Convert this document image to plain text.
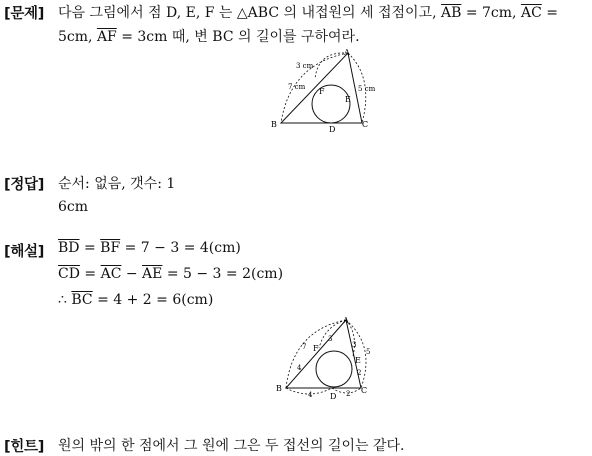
[문제] 다음 그림에서 점 D, E, F 는 △ABC 의 내접원의 세 접점이고, $\overline{AB} = 7cm$, $\overline{AC}$ =
5cm, $\overline{AF} = 3cm$ 때, 변 BC 의 길이를 구하여라.
A
B	C
D
E
F
3 cm
7 cm	5 cm
[정답] 순서: 없음, 갯수: 1
6cm
[해설] $\overline{BD} = \overline{BF} = 7 - 3 = 4(cm)$
$\overline{CD} = \overline{AC} - \overline{AE} = 5 - 3 = 2(cm)$
∴ $\overline{BC} = 4 + 2 = 6(cm)$
A
B	C
D
E
F
7
3
3
5
4
4
2
2
[힌트] 원의 밖의 한 점에서 그 원에 그은 두 접선의 길이는 같다.
